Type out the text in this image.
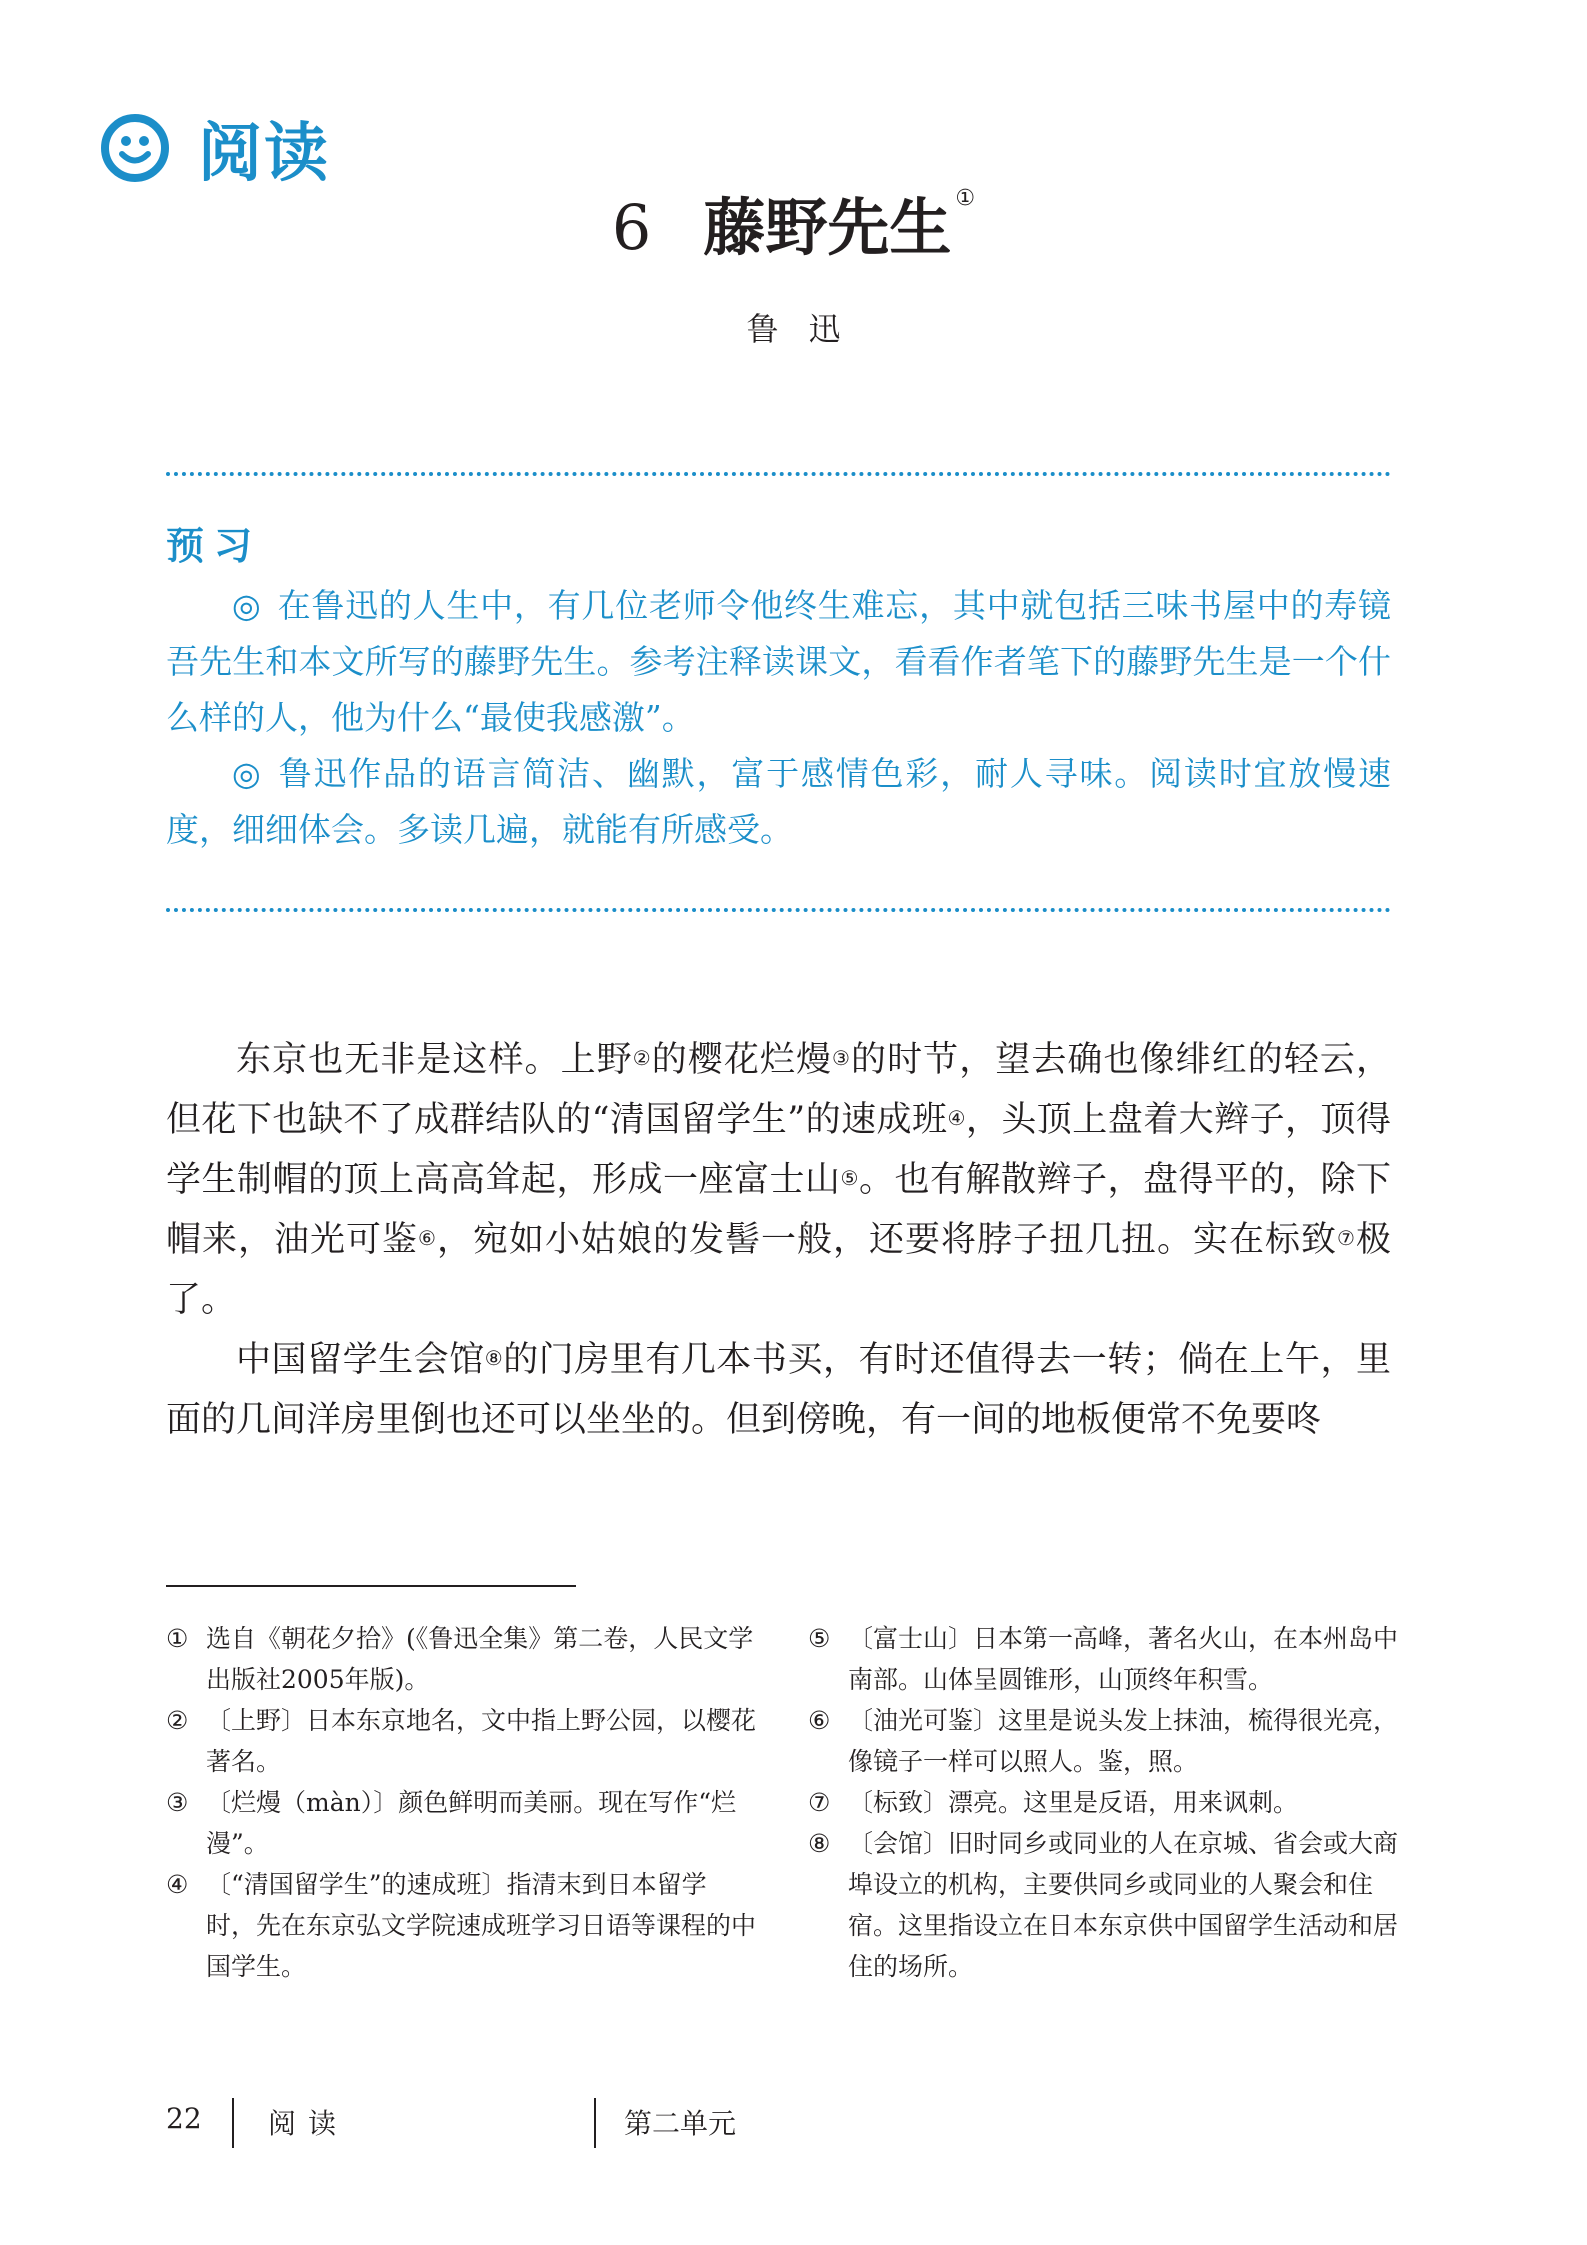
阅读
6 藤野先生 ①
鲁迅
预习

◎ 在鲁迅的人生中，有几位老师令他终生难忘，其中就包括三味书屋中的寿镜吾先生和本文所写的藤野先生。参考注释读课文，看看作者笔下的藤野先生是一个什么样的人，他为什么“最使我感激”。

◎ 鲁迅作品的语言简洁、幽默，富于感情色彩，耐人寻味。阅读时宜放慢速度，细细体会。多读几遍，就能有所感受。

东京也无非是这样。上野②的樱花烂熳③的时节，望去确也像绯红的轻云，但花下也缺不了成群结队的“清国留学生”的速成班④，头顶上盘着大辫子，顶得学生制帽的顶上高高耸起，形成一座富士山⑤。也有解散辫子，盘得平的，除下帽来，油光可鉴⑥，宛如小姑娘的发髻一般，还要将脖子扭几扭。实在标致⑦极了。

中国留学生会馆⑧的门房里有几本书买，有时还值得去一转；倘在上午，里面的几间洋房里倒也还可以坐坐的。但到傍晚，有一间的地板便常不免要咚

① 选自《朝花夕拾》(《鲁迅全集》第二卷，人民文学出版社2005年版)。
② 〔上野〕日本东京地名，文中指上野公园，以樱花著名。
③ 〔烂熳（màn）〕颜色鲜明而美丽。现在写作“烂漫”。
④ 〔“清国留学生”的速成班〕指清末到日本留学时，先在东京弘文学院速成班学习日语等课程的中国学生。
⑤ 〔富士山〕日本第一高峰，著名火山，在本州岛中南部。山体呈圆锥形，山顶终年积雪。
⑥ 〔油光可鉴〕这里是说头发上抹油，梳得很光亮，像镜子一样可以照人。鉴，照。
⑦ 〔标致〕漂亮。这里是反语，用来讽刺。
⑧ 〔会馆〕旧时同乡或同业的人在京城、省会或大商埠设立的机构，主要供同乡或同业的人聚会和住宿。这里指设立在日本东京供中国留学生活动和居住的场所。
22 阅读	第二单元
